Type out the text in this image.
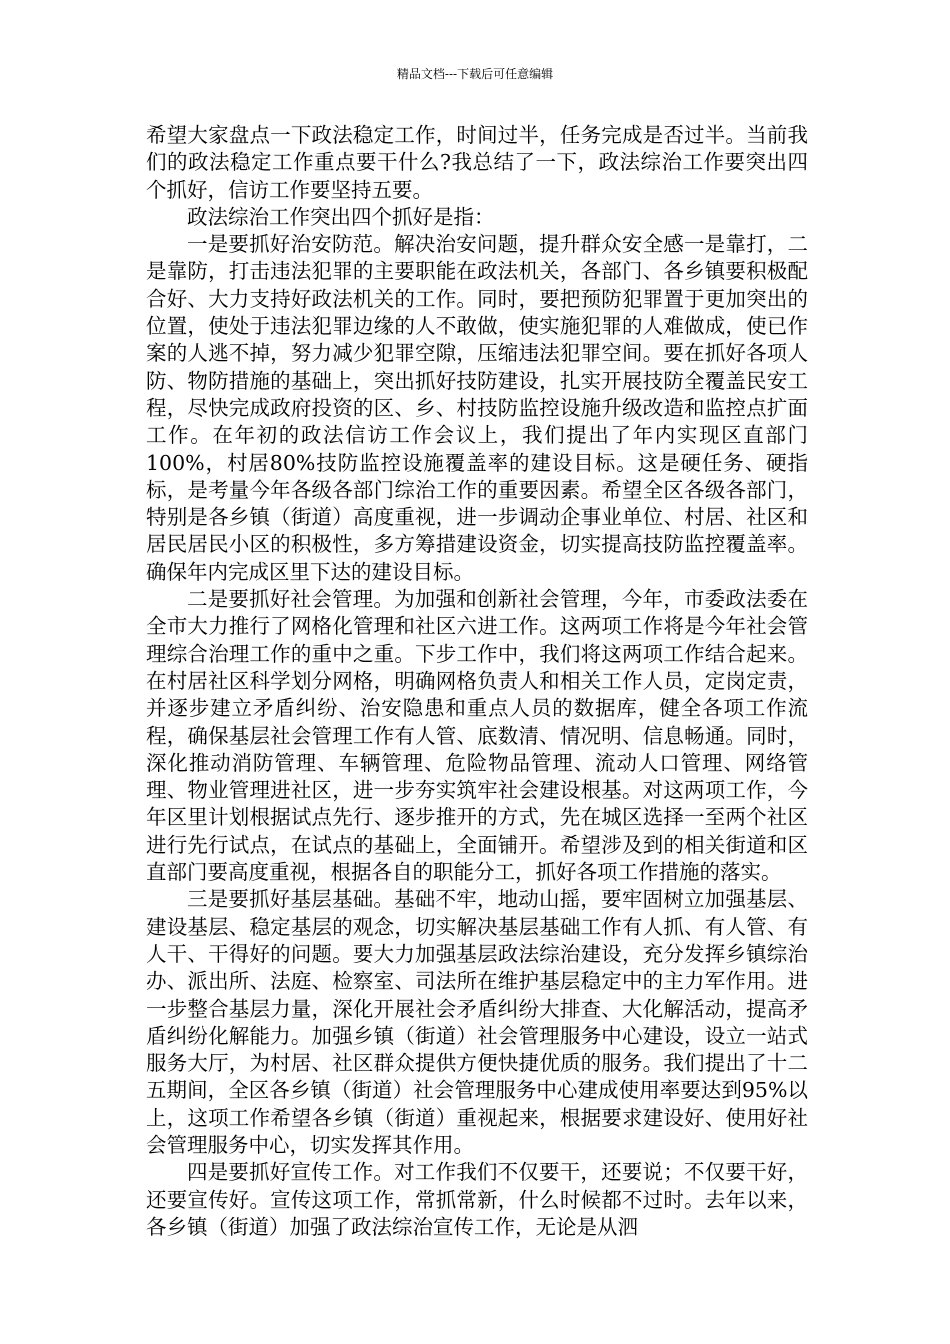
精品文档---下载后可任意编辑

希望大家盘点一下政法稳定工作，时间过半，任务完成是否过半。当前我们的政法稳定工作重点要干什么?我总结了一下，政法综治工作要突出四个抓好，信访工作要坚持五要。

政法综治工作突出四个抓好是指：

一是要抓好治安防范。解决治安问题，提升群众安全感一是靠打，二是靠防，打击违法犯罪的主要职能在政法机关，各部门、各乡镇要积极配合好、大力支持好政法机关的工作。同时，要把预防犯罪置于更加突出的位置，使处于违法犯罪边缘的人不敢做，使实施犯罪的人难做成，使已作案的人逃不掉，努力减少犯罪空隙，压缩违法犯罪空间。要在抓好各项人防、物防措施的基础上，突出抓好技防建设，扎实开展技防全覆盖民安工程，尽快完成政府投资的区、乡、村技防监控设施升级改造和监控点扩面工作。在年初的政法信访工作会议上，我们提出了年内实现区直部门100%，村居80%技防监控设施覆盖率的建设目标。这是硬任务、硬指标，是考量今年各级各部门综治工作的重要因素。希望全区各级各部门，特别是各乡镇（街道）高度重视，进一步调动企事业单位、村居、社区和居民居民小区的积极性，多方筹措建设资金，切实提高技防监控覆盖率。确保年内完成区里下达的建设目标。

二是要抓好社会管理。为加强和创新社会管理，今年，市委政法委在全市大力推行了网格化管理和社区六进工作。这两项工作将是今年社会管理综合治理工作的重中之重。下步工作中，我们将这两项工作结合起来。在村居社区科学划分网格，明确网格负责人和相关工作人员，定岗定责，并逐步建立矛盾纠纷、治安隐患和重点人员的数据库，健全各项工作流程，确保基层社会管理工作有人管、底数清、情况明、信息畅通。同时，深化推动消防管理、车辆管理、危险物品管理、流动人口管理、网络管理、物业管理进社区，进一步夯实筑牢社会建设根基。对这两项工作，今年区里计划根据试点先行、逐步推开的方式，先在城区选择一至两个社区进行先行试点，在试点的基础上，全面铺开。希望涉及到的相关街道和区直部门要高度重视，根据各自的职能分工，抓好各项工作措施的落实。

三是要抓好基层基础。基础不牢，地动山摇，要牢固树立加强基层、建设基层、稳定基层的观念，切实解决基层基础工作有人抓、有人管、有人干、干得好的问题。要大力加强基层政法综治建设，充分发挥乡镇综治办、派出所、法庭、检察室、司法所在维护基层稳定中的主力军作用。进一步整合基层力量，深化开展社会矛盾纠纷大排查、大化解活动，提高矛盾纠纷化解能力。加强乡镇（街道）社会管理服务中心建设，设立一站式服务大厅，为村居、社区群众提供方便快捷优质的服务。我们提出了十二五期间，全区各乡镇（街道）社会管理服务中心建成使用率要达到95%以上，这项工作希望各乡镇（街道）重视起来，根据要求建设好、使用好社会管理服务中心，切实发挥其作用。

四是要抓好宣传工作。对工作我们不仅要干，还要说；不仅要干好，还要宣传好。宣传这项工作，常抓常新，什么时候都不过时。去年以来，各乡镇（街道）加强了政法综治宣传工作，无论是从泗
